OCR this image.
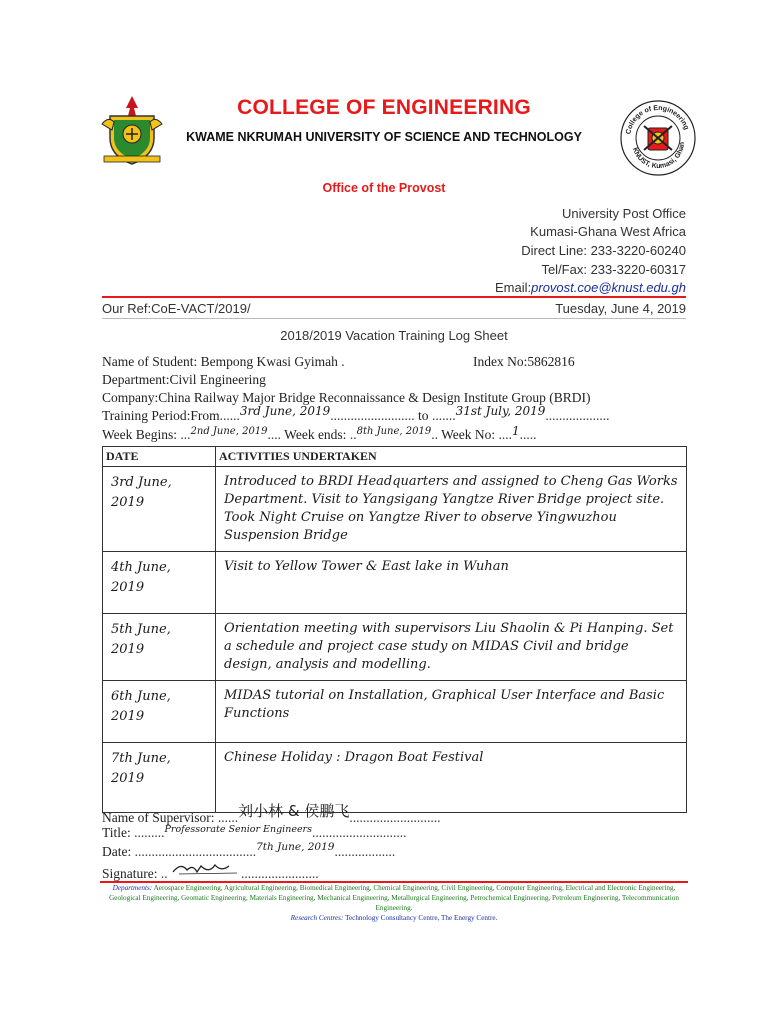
COLLEGE OF ENGINEERING
KWAME NKRUMAH UNIVERSITY OF SCIENCE AND TECHNOLOGY	College of Engineering
KNUST, Kumasi, Ghan
Office of the Provost
University Post Office
Kumasi-Ghana West Africa
Direct Line: 233-3220-60240
Tel/Fax: 233-3220-60317
Email:provost.coe@knust.edu.gh
Our Ref:CoE-VACT/2019/	Tuesday, June 4, 2019
2018/2019 Vacation Training Log Sheet
Name of Student: Bempong Kwasi Gyimah .	Index No:5862816
Department:Civil Engineering
Company:China Railway Major Bridge Reconnaissance & Design Institute Group (BRDI)
Training Period:From......3rd June, 2019......................... to .......31st July, 2019...................
Week Begins: ...$^{2nd June, 2019}$.... Week ends: ..$^{8th June, 2019}$.. Week No: ....1.....
DATE	ACTIVITIES UNDERTAKEN
3rd June, 2019	Introduced to BRDI Headquarters and assigned to Cheng Gas Works Department. Visit to Yangsigang Yangtze River Bridge project site. Took Night Cruise on Yangtze River to observe Yingwuzhou Suspension Bridge
4th June, 2019	Visit to Yellow Tower & East lake in Wuhan
5th June, 2019	Orientation meeting with supervisors Liu Shaolin & Pi Hanping. Set a schedule and project case study on MIDAS Civil and bridge design, analysis and modelling.
6th June, 2019	MIDAS tutorial on Installation, Graphical User Interface and Basic Functions
7th June, 2019	Chinese Holiday : Dragon Boat Festival
Name of Supervisor: ......刘小林 & 侯鹏飞...........................
Title: .........$^{Professorate Senior Engineers}$............................
Date: ....................................$^{7th June, 2019}$..................
Signature: ..	.......................
Departments: Aerospace Engineering, Agricultural Engineering, Biomedical Engineering, Chemical Engineering, Civil Engineering, Computer Engineering, Electrical and Electronic Engineering, Geological Engineering, Geomatic Engineering, Materials Engineering, Mechanical Engineering, Metallurgical Engineering, Petrochemical Engineering, Petroleum Engineering, Telecommunication Engineering.
Research Centres: Technology Consultancy Centre, The Energy Centre.
